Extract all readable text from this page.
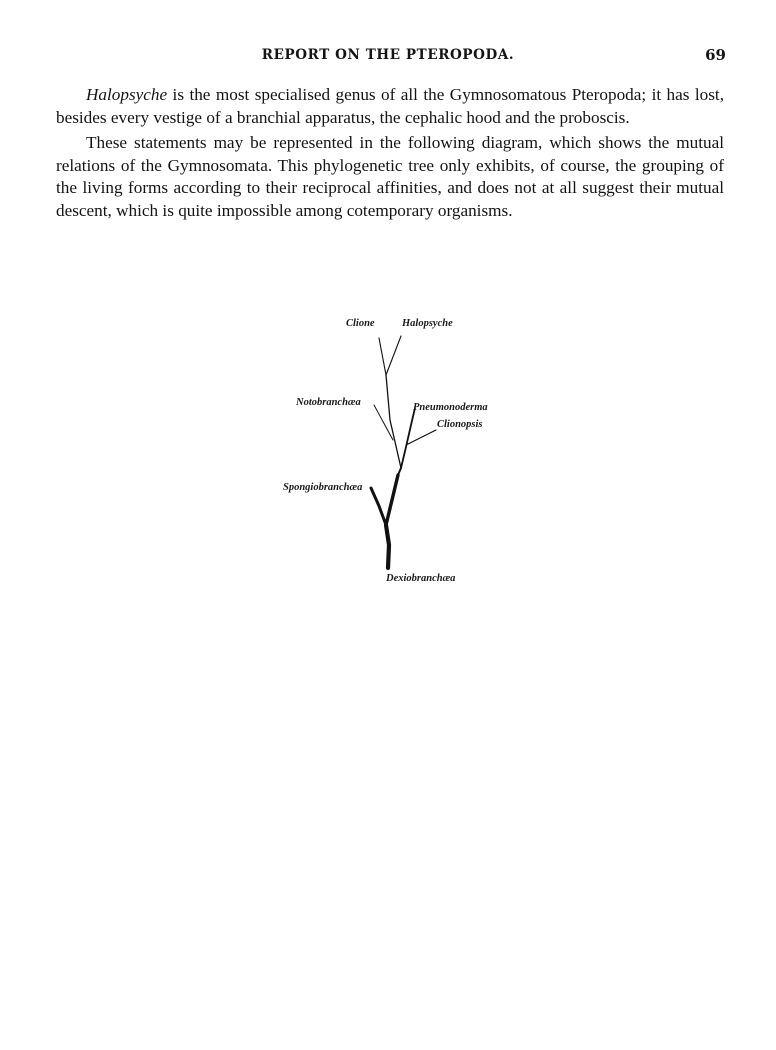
REPORT ON THE PTEROPODA.	69

Halopsyche is the most specialised genus of all the Gymnosomatous Pteropoda; it has lost, besides every vestige of a branchial apparatus, the cephalic hood and the proboscis.

These statements may be represented in the following diagram, which shows the mutual relations of the Gymnosomata. This phylogenetic tree only exhibits, of course, the grouping of the living forms according to their reciprocal affinities, and does not at all suggest their mutual descent, which is quite impossible among cotemporary organisms.

Clione	Halopsyche
Notobranchæa	Pneumonoderma
Clionopsis
Spongiobranchæa
Dexiobranchæa
